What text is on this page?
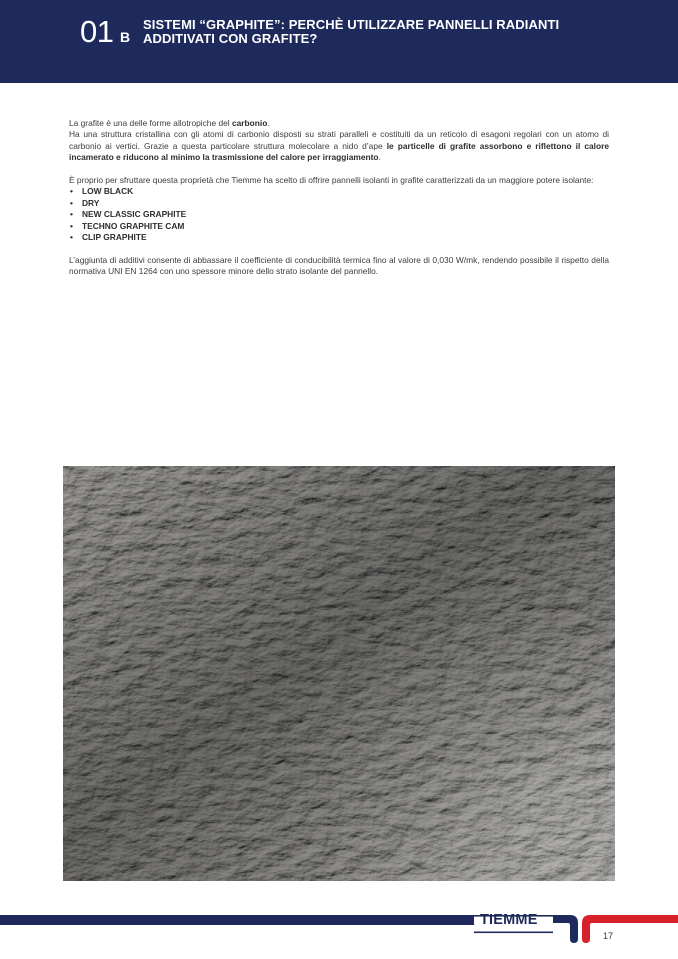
01 B
SISTEMI “GRAPHITE”: PERCHÈ UTILIZZARE PANNELLI RADIANTI
ADDITIVATI CON GRAFITE?

La grafite è una delle forme allotropiche del carbonio.

Ha una struttura cristallina con gli atomi di carbonio disposti su strati paralleli e costituiti da un reticolo di esagoni regolari con un atomo di carbonio ai vertici. Grazie a questa particolare struttura molecolare a nido d’ape le particelle di grafite assorbono e riflettono il calore incamerato e riducono al minimo la trasmissione del calore per irraggiamento.

È proprio per sfruttare questa proprietà che Tiemme ha scelto di offrire pannelli isolanti in grafite caratterizzati da un maggiore potere isolante:

• LOW BLACK
• DRY
• NEW CLASSIC GRAPHITE
• TECHNO GRAPHITE CAM
• CLIP GRAPHITE

L’aggiunta di additivi consente di abbassare il coefficiente di conducibilità termica fino al valore di 0,030 W/mk, rendendo possibile il rispetto della normativa UNI EN 1264 con uno spessore minore dello strato isolante del pannello.

TIEMME
17
